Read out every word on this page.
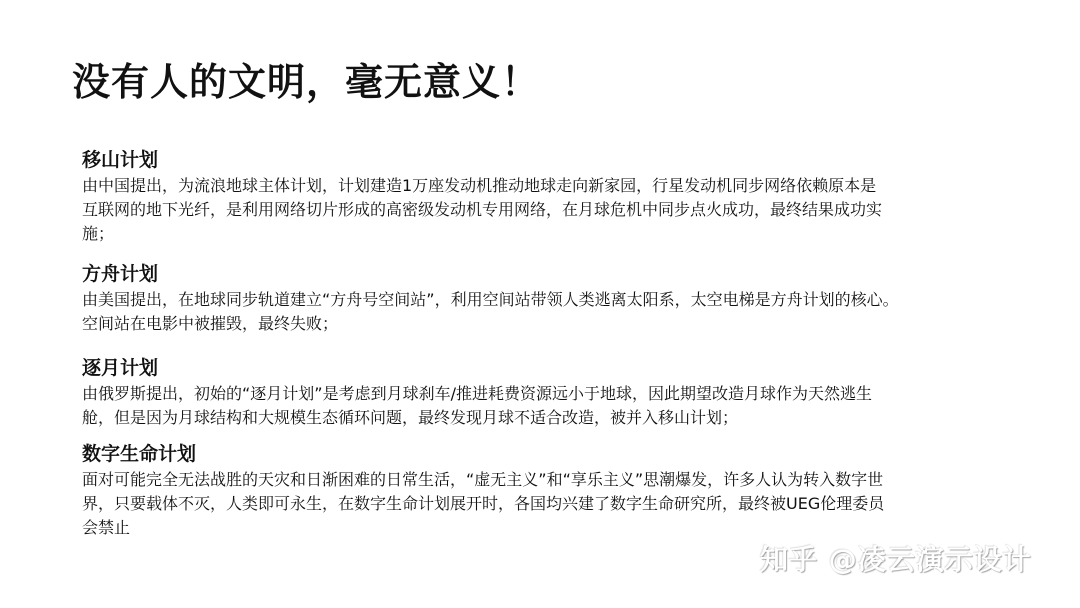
没有人的文明，毫无意义！
移山计划

由中国提出，为流浪地球主体计划，计划建造1万座发动机推动地球走向新家园，行星发动机同步网络依赖原本是
互联网的地下光纤，是利用网络切片形成的高密级发动机专用网络，在月球危机中同步点火成功，最终结果成功实
施；

方舟计划

由美国提出，在地球同步轨道建立“方舟号空间站”，利用空间站带领人类逃离太阳系，太空电梯是方舟计划的核心。
空间站在电影中被摧毁，最终失败；

逐月计划

由俄罗斯提出，初始的“逐月计划”是考虑到月球刹车/推进耗费资源远小于地球，因此期望改造月球作为天然逃生
舱，但是因为月球结构和大规模生态循环问题，最终发现月球不适合改造，被并入移山计划；

数字生命计划

面对可能完全无法战胜的天灾和日渐困难的日常生活，“虚无主义”和“享乐主义”思潮爆发，许多人认为转入数字世
界，只要载体不灭，人类即可永生，在数字生命计划展开时，各国均兴建了数字生命研究所，最终被UEG伦理委员
会禁止

知乎 @凌云演示设计
